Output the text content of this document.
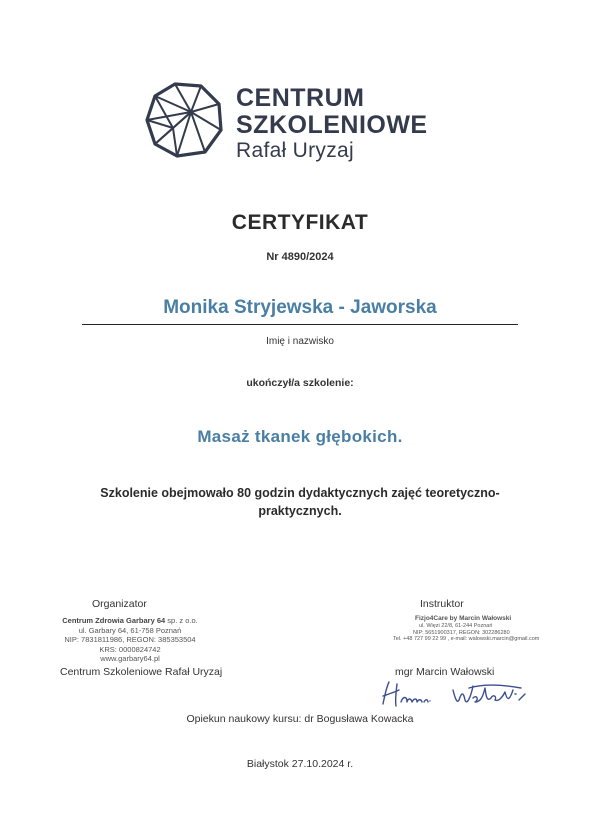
CENTRUM
SZKOLENIOWE
Rafał Uryzaj
CERTYFIKAT
Nr 4890/2024
Monika Stryjewska - Jaworska
Imię i nazwisko
ukończył/a szkolenie:
Masaż tkanek głębokich.
Szkolenie obejmowało 80 godzin dydaktycznych zajęć teoretyczno-
praktycznych.
Organizator
Centrum Zdrowia Garbary 64 sp. z o.o.
ul. Garbary 64, 61-758 Poznań
NIP: 7831811986, REGON: 385353504
KRS: 0000824742
www.garbary64.pl
Centrum Szkoleniowe Rafał Uryzaj
Instruktor
Fizjo4Care by Marcin Wałowski
ul. Więzi 22/8, 61-244 Poznań
NIP: 5651900317, REGON: 302286280
Tel. +48 727 99 22 99 , e-mail: walowski.marcin@gmail.com
mgr Marcin Wałowski
Opiekun naukowy kursu: dr Bogusława Kowacka
Białystok 27.10.2024 r.
